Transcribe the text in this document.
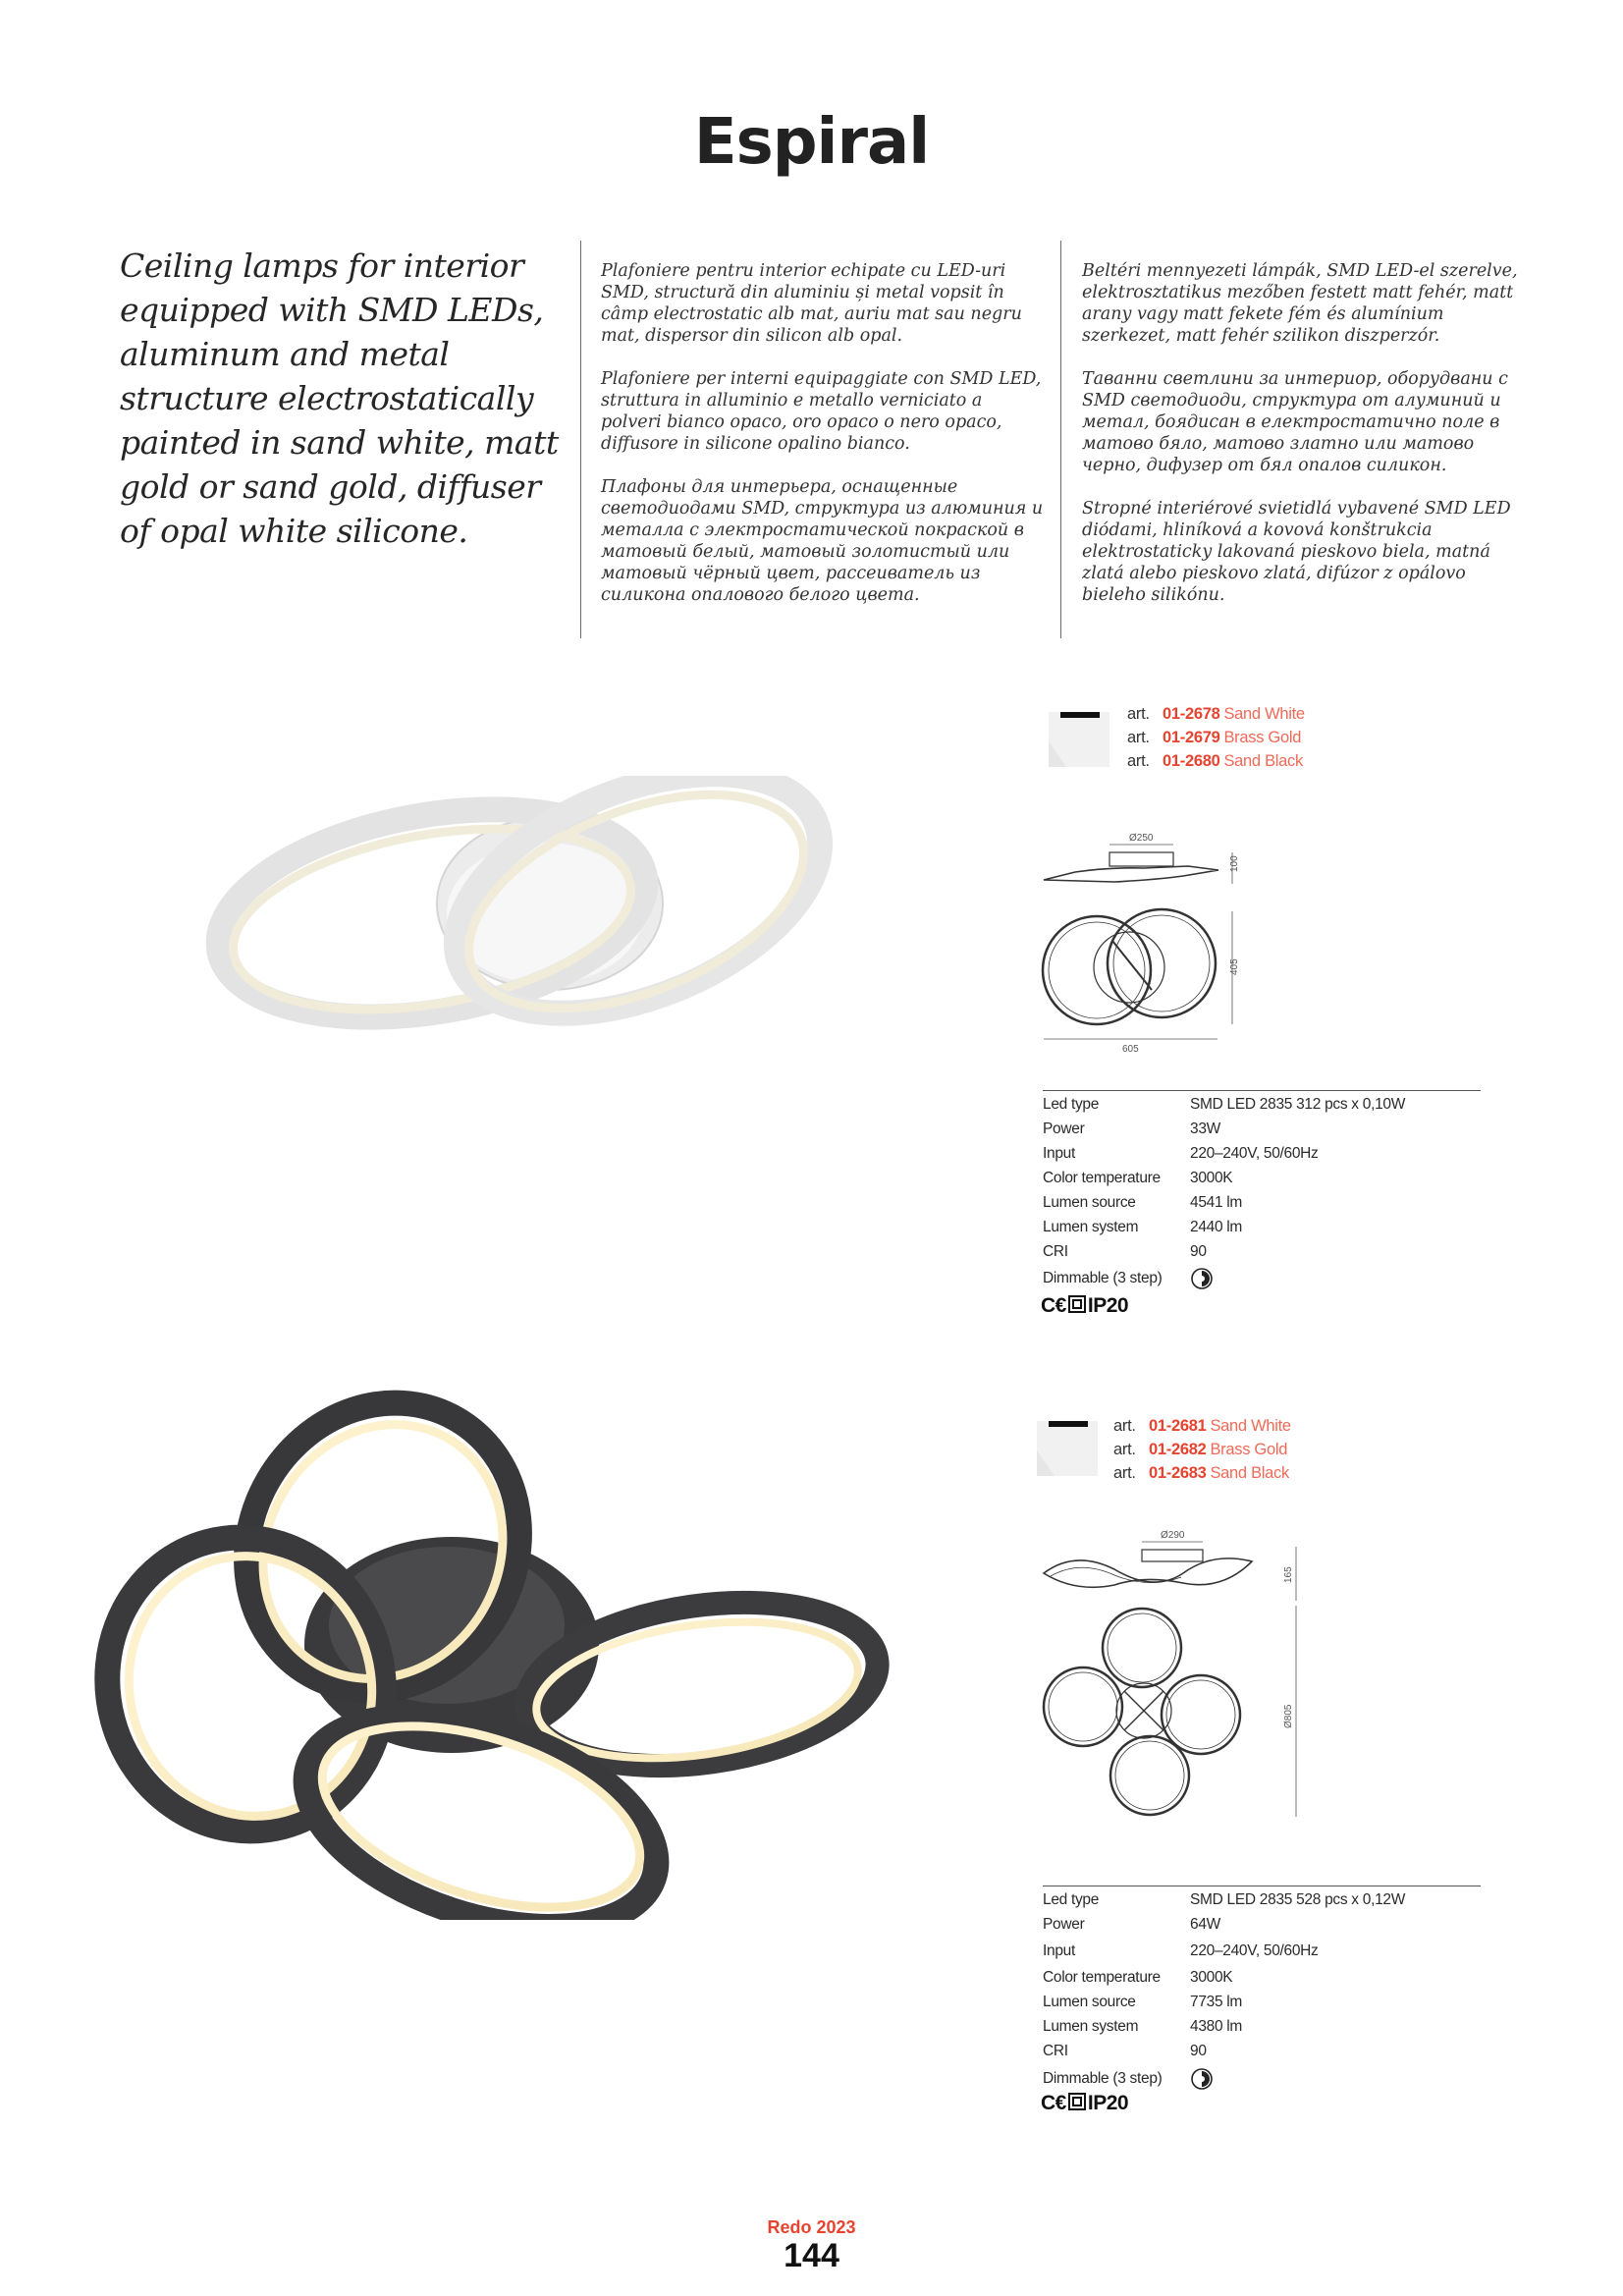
Espiral
Ceiling lamps for interior equipped with SMD LEDs, aluminum and metal structure electrostatically painted in sand white, matt gold or sand gold, diffuser of opal white silicone.

Plafoniere pentru interior echipate cu LED-uri SMD, structură din aluminiu și metal vopsit în câmp electrostatic alb mat, auriu mat sau negru mat, dispersor din silicon alb opal.

Plafoniere per interni equipaggiate con SMD LED, struttura in alluminio e metallo verniciato a polveri bianco opaco, oro opaco o nero opaco, diffusore in silicone opalino bianco.

Плафоны для интерьера, оснащенные светодиодами SMD, структура из алюминия и металла с электростатической покраской в матовый белый, матовый золотистый или матовый чёрный цвет, рассеиватель из силикона опалового белого цвета.

Beltéri mennyezeti lámpák, SMD LED-el szerelve, elektrosztatikus mezőben festett matt fehér, matt arany vagy matt fekete fém és alumínium szerkezet, matt fehér szilikon diszperzór.

Таванни светлини за интериор, оборудвани с SMD светодиоди, структура от алуминий и метал, боядисан в електростатично поле в матово бяло, матово златно или матово черно, дифузер от бял опалов силикон.

Stropné interiérové svietidlá vybavené SMD LED diódami, hliníková a kovová konštrukcia elektrostaticky lakovaná pieskovo biela, matná zlatá alebo pieskovo zlatá, difúzor z opálovo bieleho silikónu.

art. 01-2678 Sand White
art. 01-2679 Brass Gold
art. 01-2680 Sand Black
Ø250
100
405
605
Led type	SMD LED 2835 312 pcs x 0,10W
Power	33W
Input	220–240V, 50/60Hz
Color temperature 3000K
Lumen source	4541 lm
Lumen system	2440 lm
CRI	90
Dimmable (3 step)
C€ IP20
art. 01-2681 Sand White
art. 01-2682 Brass Gold
art. 01-2683 Sand Black
Ø290
165
Ø805
Led type	SMD LED 2835 528 pcs x 0,12W
Power	64W
Input	220–240V, 50/60Hz
Color temperature 3000K
Lumen source	7735 lm
Lumen system	4380 lm
CRI	90
Dimmable (3 step)
C€ IP20
Redo 2023
144
